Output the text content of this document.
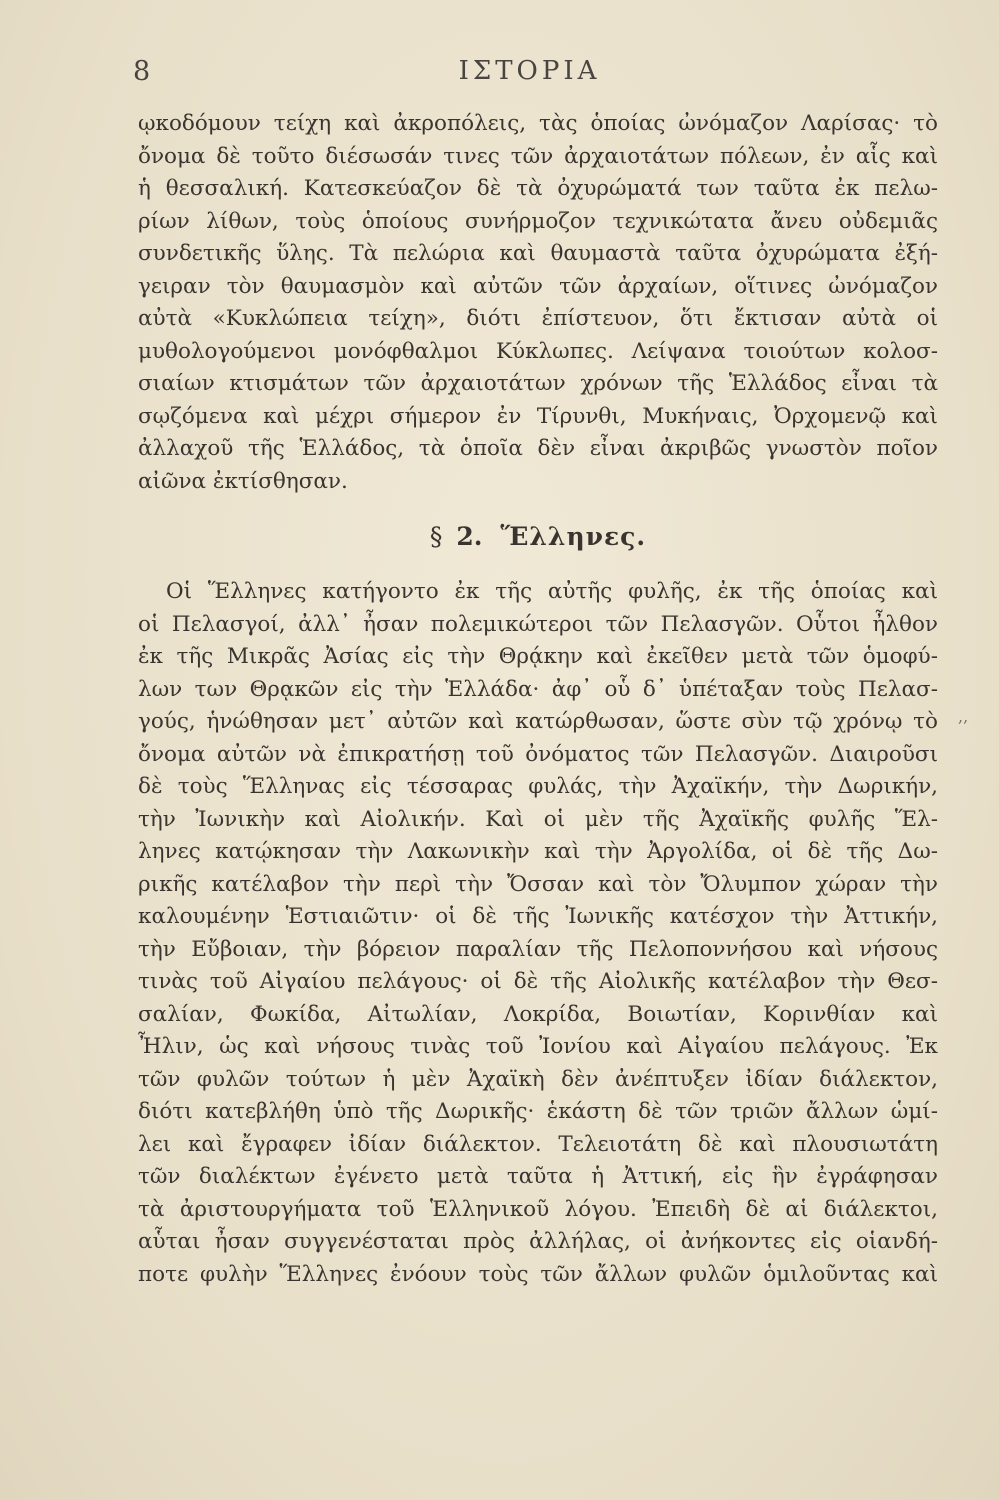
8	ΙΣΤΟΡΙΑ
ῳκοδόμουν τείχη καὶ ἀκροπόλεις, τὰς ὁποίας ὠνόμαζον Λαρίσας· τὸ
ὄνομα δὲ τοῦτο διέσωσάν τινες τῶν ἀρχαιοτάτων πόλεων, ἐν αἷς καὶ
ἡ θεσσαλική. Κατεσκεύαζον δὲ τὰ ὀχυρώματά των ταῦτα ἐκ πελω-
ρίων λίθων, τοὺς ὁποίους συνήρμοζον τεχνικώτατα ἄνευ οὐδεμιᾶς
συνδετικῆς ὕλης. Τὰ πελώρια καὶ θαυμαστὰ ταῦτα ὀχυρώματα ἐξή-
γειραν τὸν θαυμασμὸν καὶ αὐτῶν τῶν ἀρχαίων, οἵτινες ὠνόμαζον
αὐτὰ «Κυκλώπεια τείχη», διότι ἐπίστευον, ὅτι ἔκτισαν αὐτὰ οἱ
μυθολογούμενοι μονόφθαλμοι Κύκλωπες. Λείψανα τοιούτων κολοσ-
σιαίων κτισμάτων τῶν ἀρχαιοτάτων χρόνων τῆς Ἑλλάδος εἶναι τὰ
σῳζόμενα καὶ μέχρι σήμερον ἐν Τίρυνθι, Μυκήναις, Ὀρχομενῷ καὶ
ἀλλαχοῦ τῆς Ἑλλάδος, τὰ ὁποῖα δὲν εἶναι ἀκριβῶς γνωστὸν ποῖον
αἰῶνα ἐκτίσθησαν.
§ 2. Ἕλληνες.
Οἱ Ἕλληνες κατήγοντο ἐκ τῆς αὐτῆς φυλῆς, ἐκ τῆς ὁποίας καὶ
οἱ Πελασγοί, ἀλλ᾽ ἦσαν πολεμικώτεροι τῶν Πελασγῶν. Οὗτοι ἦλθον
ἐκ τῆς Μικρᾶς Ἀσίας εἰς τὴν Θρᾴκην καὶ ἐκεῖθεν μετὰ τῶν ὁμοφύ-
λων των Θρᾳκῶν εἰς τὴν Ἑλλάδα· ἀφ᾽ οὗ δ᾽ ὑπέταξαν τοὺς Πελασ-
γούς, ἡνώθησαν μετ᾽ αὐτῶν καὶ κατώρθωσαν, ὥστε σὺν τῷ χρόνῳ τὸ
ὄνομα αὐτῶν νὰ ἐπικρατήσῃ τοῦ ὀνόματος τῶν Πελασγῶν. Διαιροῦσι
δὲ τοὺς Ἕλληνας εἰς τέσσαρας φυλάς, τὴν Ἀχαϊκήν, τὴν Δωρικήν,
τὴν Ἰωνικὴν καὶ Αἰολικήν. Καὶ οἱ μὲν τῆς Ἀχαϊκῆς φυλῆς Ἕλ-
ληνες κατῴκησαν τὴν Λακωνικὴν καὶ τὴν Ἀργολίδα, οἱ δὲ τῆς Δω-
ρικῆς κατέλαβον τὴν περὶ τὴν Ὄσσαν καὶ τὸν Ὄλυμπον χώραν τὴν
καλουμένην Ἑστιαιῶτιν· οἱ δὲ τῆς Ἰωνικῆς κατέσχον τὴν Ἀττικήν,
τὴν Εὔβοιαν, τὴν βόρειον παραλίαν τῆς Πελοποννήσου καὶ νήσους
τινὰς τοῦ Αἰγαίου πελάγους· οἱ δὲ τῆς Αἰολικῆς κατέλαβον τὴν Θεσ-
σαλίαν, Φωκίδα, Αἰτωλίαν, Λοκρίδα, Βοιωτίαν, Κορινθίαν καὶ
Ἦλιν, ὡς καὶ νήσους τινὰς τοῦ Ἰονίου καὶ Αἰγαίου πελάγους. Ἐκ
τῶν φυλῶν τούτων ἡ μὲν Ἀχαϊκὴ δὲν ἀνέπτυξεν ἰδίαν διάλεκτον,
διότι κατεβλήθη ὑπὸ τῆς Δωρικῆς· ἑκάστη δὲ τῶν τριῶν ἄλλων ὡμί-
λει καὶ ἔγραφεν ἰδίαν διάλεκτον. Τελειοτάτη δὲ καὶ πλουσιωτάτη
τῶν διαλέκτων ἐγένετο μετὰ ταῦτα ἡ Ἀττική, εἰς ἣν ἐγράφησαν
τὰ ἀριστουργήματα τοῦ Ἑλληνικοῦ λόγου. Ἐπειδὴ δὲ αἱ διάλεκτοι,
αὗται ἦσαν συγγενέσταται πρὸς ἀλλήλας, οἱ ἀνήκοντες εἰς οἱανδή-
ποτε φυλὴν Ἕλληνες ἐνόουν τοὺς τῶν ἄλλων φυλῶν ὁμιλοῦντας καὶ
,,
